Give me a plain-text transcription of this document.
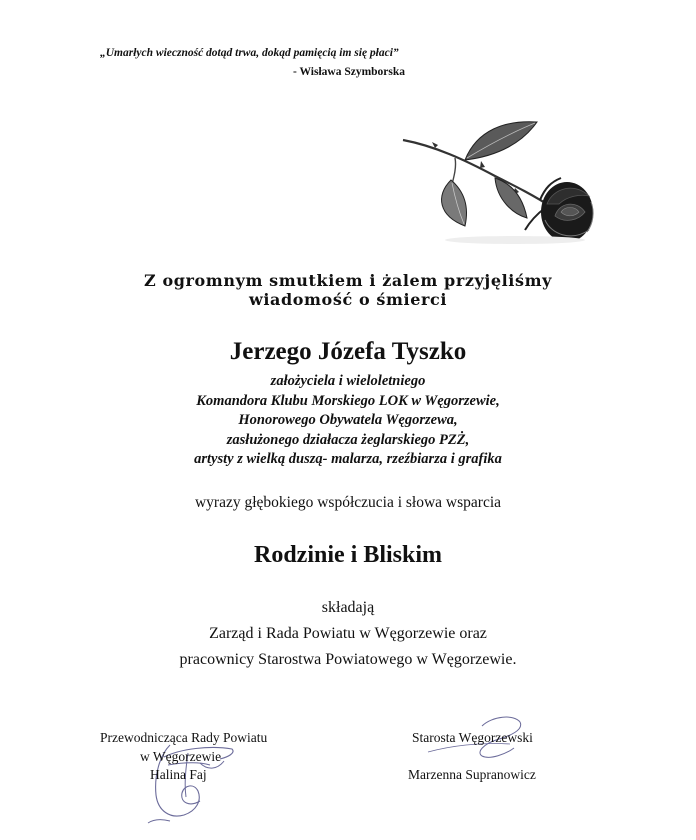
„Umarłych wieczność dotąd trwa, dokąd pamięcią im się płaci”
- Wisława Szymborska
Z ogromnym smutkiem i żalem przyjęliśmy
wiadomość o śmierci
Jerzego Józefa Tyszko
założyciela i wieloletniego
Komandora Klubu Morskiego LOK w Węgorzewie,
Honorowego Obywatela Węgorzewa,
zasłużonego działacza żeglarskiego PZŻ,
artysty z wielką duszą- malarza, rzeźbiarza i grafika
wyrazy głębokiego współczucia i słowa wsparcia
Rodzinie i Bliskim
składają
Zarząd i Rada Powiatu w Węgorzewie oraz
pracownicy Starostwa Powiatowego w Węgorzewie.
Przewodnicząca Rady Powiatu
w Węgorzewie
Halina Faj
Starosta Węgorzewski
Marzenna Supranowicz
